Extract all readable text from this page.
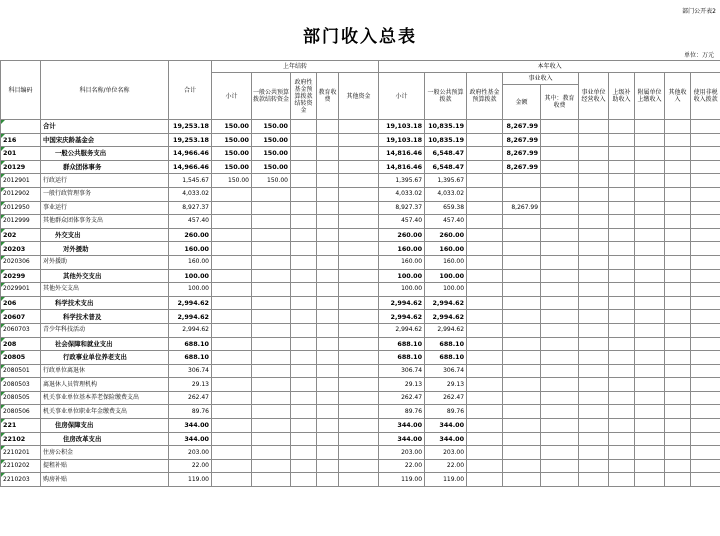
部门公开表2
部门收入总表
单位：万元
科目编码	科目名称/单位名称	合计	上年结转					本年收入									
			小计	一般公共预算拨款结转资金	政府性基金预算拨款结转资金	教育收费	其他资金	小计	一般公共预算拨款	政府性基金预算拨款	事业收入		事业单位经营收入	上级补助收入	附属单位上缴收入	其他收入	使用非税收入拨款
											金额	其中：教育收费					
	合计	19,253.18	150.00	150.00				19,103.18	10,835.19		8,267.99						
216	中国宋庆龄基金会	19,253.18	150.00	150.00				19,103.18	10,835.19		8,267.99						
201	一般公共服务支出	14,966.46	150.00	150.00				14,816.46	6,548.47		8,267.99						
20129	群众团体事务	14,966.46	150.00	150.00				14,816.46	6,548.47		8,267.99						
2012901	行政运行	1,545.67	150.00	150.00				1,395.67	1,395.67								
2012902	一般行政管理事务	4,033.02						4,033.02	4,033.02								
2012950	事业运行	8,927.37						8,927.37	659.38		8,267.99						
2012999	其他群众团体事务支出	457.40						457.40	457.40								
202	外交支出	260.00						260.00	260.00								
20203	对外援助	160.00						160.00	160.00								
2020306	对外援助	160.00						160.00	160.00								
20299	其他外交支出	100.00						100.00	100.00								
2029901	其他外交支出	100.00						100.00	100.00								
206	科学技术支出	2,994.62						2,994.62	2,994.62								
20607	科学技术普及	2,994.62						2,994.62	2,994.62								
2060703	青少年科技活动	2,994.62						2,994.62	2,994.62								
208	社会保障和就业支出	688.10						688.10	688.10								
20805	行政事业单位养老支出	688.10						688.10	688.10								
2080501	行政单位离退休	306.74						306.74	306.74								
2080503	离退休人员管理机构	29.13						29.13	29.13								
2080505	机关事业单位基本养老保险缴费支出	262.47						262.47	262.47								
2080506	机关事业单位职业年金缴费支出	89.76						89.76	89.76								
221	住房保障支出	344.00						344.00	344.00								
22102	住房改革支出	344.00						344.00	344.00								
2210201	住房公积金	203.00						203.00	203.00								
2210202	提租补贴	22.00						22.00	22.00								
2210203	购房补贴	119.00						119.00	119.00								
